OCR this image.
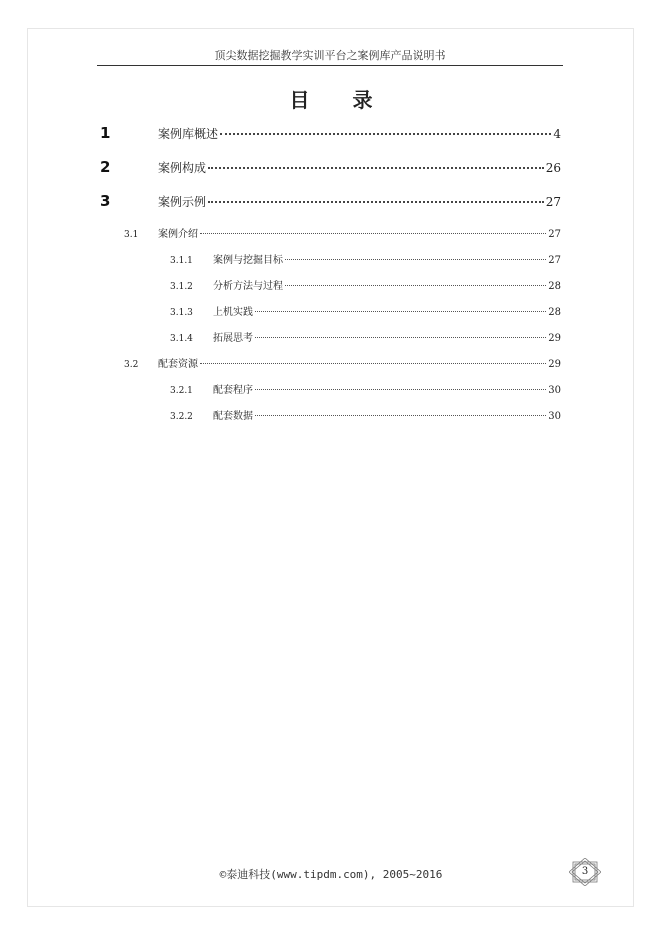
顶尖数据挖掘教学实训平台之案例库产品说明书
目 录
1	案例库概述	4
2	案例构成	26
3	案例示例	27
3.1	案例介绍	27
3.1.1	案例与挖掘目标	27
3.1.2	分析方法与过程	28
3.1.3	上机实践	28
3.1.4	拓展思考	29
3.2	配套资源	29
3.2.1	配套程序	30
3.2.2	配套数据	30
©泰迪科技(www.tipdm.com), 2005~2016	3
